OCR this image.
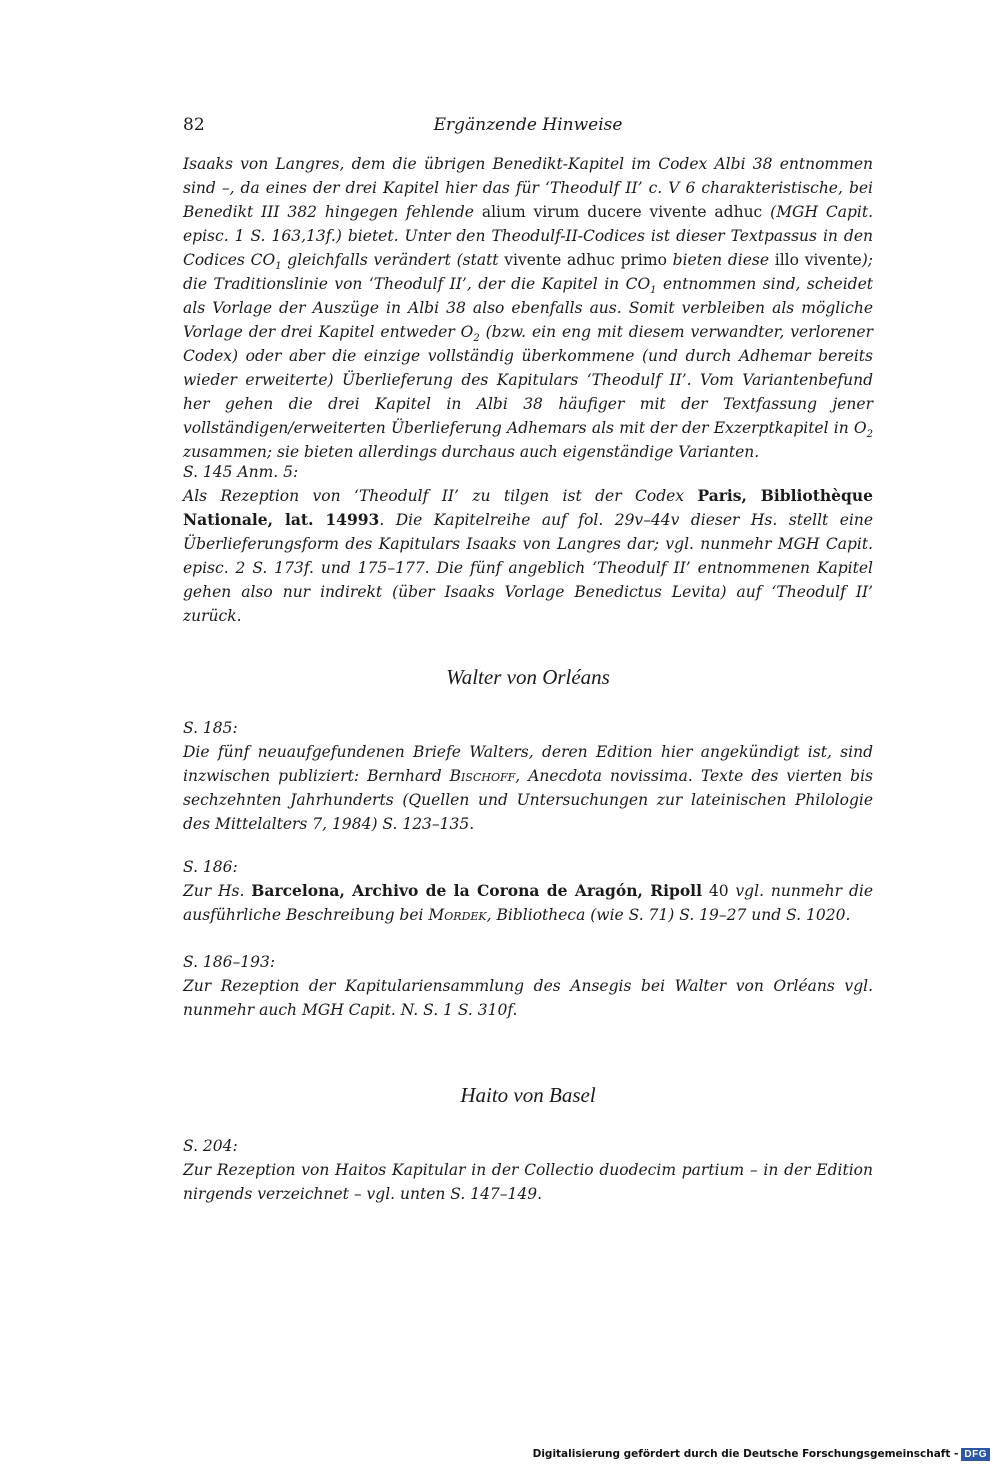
82	Ergänzende Hinweise

Isaaks von Langres, dem die übrigen Benedikt-Kapitel im Codex Albi 38 entnommen sind –, da eines der drei Kapitel hier das für ‘Theodulf II’ c. V 6 charakteristische, bei Benedikt III 382 hingegen fehlende alium virum ducere vivente adhuc (MGH Capit. episc. 1 S. 163,13f.) bietet. Unter den Theodulf-II-Codices ist dieser Textpassus in den Codices $CO_1$ gleichfalls verändert (statt vivente adhuc primo bieten diese illo vivente); die Traditionslinie von ‘Theodulf II’, der die Kapitel in $CO_1$ entnommen sind, scheidet als Vorlage der Auszüge in Albi 38 also ebenfalls aus. Somit verbleiben als mögliche Vorlage der drei Kapitel entweder $O_2$ (bzw. ein eng mit diesem verwandter, verlorener Codex) oder aber die einzige vollständig überkommene (und durch Adhemar bereits wieder erweiterte) Überlieferung des Kapitulars ‘Theodulf II’. Vom Variantenbefund her gehen die drei Kapitel in Albi 38 häufiger mit der Textfassung jener vollständigen/erweiterten Überlieferung Adhemars als mit der der Exzerptkapitel in $O_2$ zusammen; sie bieten allerdings durchaus auch eigenständige Varianten.

S. 145 Anm. 5:

Als Rezeption von ‘Theodulf II’ zu tilgen ist der Codex Paris, Bibliothèque Nationale, lat. 14993. Die Kapitelreihe auf fol. 29v–44v dieser Hs. stellt eine Überlieferungsform des Kapitulars Isaaks von Langres dar; vgl. nunmehr MGH Capit. episc. 2 S. 173f. und 175–177. Die fünf angeblich ‘Theodulf II’ entnommenen Kapitel gehen also nur indirekt (über Isaaks Vorlage Benedictus Levita) auf ‘Theodulf II’ zurück.

Walter von Orléans

S. 185:

Die fünf neuaufgefundenen Briefe Walters, deren Edition hier angekündigt ist, sind inzwischen publiziert: Bernhard Bischoff, Anecdota novissima. Texte des vierten bis sechzehnten Jahrhunderts (Quellen und Untersuchungen zur lateinischen Philologie des Mittelalters 7, 1984) S. 123–135.

S. 186:

Zur Hs. Barcelona, Archivo de la Corona de Aragón, Ripoll 40 vgl. nunmehr die ausführliche Beschreibung bei Mordek, Bibliotheca (wie S. 71) S. 19–27 und S. 1020.

S. 186–193:

Zur Rezeption der Kapitulariensammlung des Ansegis bei Walter von Orléans vgl. nunmehr auch MGH Capit. N. S. 1 S. 310f.

Haito von Basel

S. 204:

Zur Rezeption von Haitos Kapitular in der Collectio duodecim partium – in der Edition nirgends verzeichnet – vgl. unten S. 147–149.

Digitalisierung gefördert durch die Deutsche Forschungsgemeinschaft - DFG
